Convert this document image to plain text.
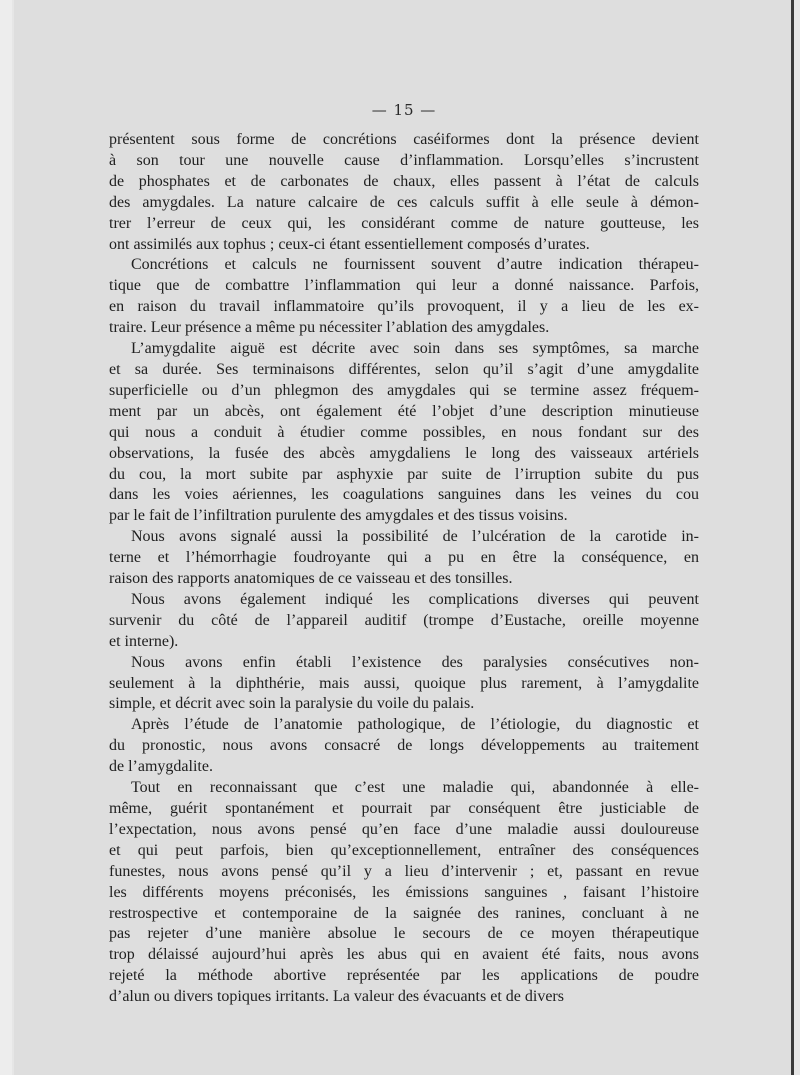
— 15 —

présentent sous forme de concrétions caséiformes dont la présence devient
à son tour une nouvelle cause d’inflammation. Lorsqu’elles s’incrustent
de phosphates et de carbonates de chaux, elles passent à l’état de calculs
des amygdales. La nature calcaire de ces calculs suffit à elle seule à démon-
trer l’erreur de ceux qui, les considérant comme de nature goutteuse, les
ont assimilés aux tophus ; ceux-ci étant essentiellement composés d’urates.

Concrétions et calculs ne fournissent souvent d’autre indication thérapeu-
tique que de combattre l’inflammation qui leur a donné naissance. Parfois,
en raison du travail inflammatoire qu’ils provoquent, il y a lieu de les ex-
traire. Leur présence a même pu nécessiter l’ablation des amygdales.

L’amygdalite aiguë est décrite avec soin dans ses symptômes, sa marche
et sa durée. Ses terminaisons différentes, selon qu’il s’agit d’une amygdalite
superficielle ou d’un phlegmon des amygdales qui se termine assez fréquem-
ment par un abcès, ont également été l’objet d’une description minutieuse
qui nous a conduit à étudier comme possibles, en nous fondant sur des
observations, la fusée des abcès amygdaliens le long des vaisseaux artériels
du cou, la mort subite par asphyxie par suite de l’irruption subite du pus
dans les voies aériennes, les coagulations sanguines dans les veines du cou
par le fait de l’infiltration purulente des amygdales et des tissus voisins.

Nous avons signalé aussi la possibilité de l’ulcération de la carotide in-
terne et l’hémorrhagie foudroyante qui a pu en être la conséquence, en
raison des rapports anatomiques de ce vaisseau et des tonsilles.

Nous avons également indiqué les complications diverses qui peuvent
survenir du côté de l’appareil auditif (trompe d’Eustache, oreille moyenne
et interne).

Nous avons enfin établi l’existence des paralysies consécutives non-
seulement à la diphthérie, mais aussi, quoique plus rarement, à l’amygdalite
simple, et décrit avec soin la paralysie du voile du palais.

Après l’étude de l’anatomie pathologique, de l’étiologie, du diagnostic et
du pronostic, nous avons consacré de longs développements au traitement
de l’amygdalite.

Tout en reconnaissant que c’est une maladie qui, abandonnée à elle-
même, guérit spontanément et pourrait par conséquent être justiciable de
l’expectation, nous avons pensé qu’en face d’une maladie aussi douloureuse
et qui peut parfois, bien qu’exceptionnellement, entraîner des conséquences
funestes, nous avons pensé qu’il y a lieu d’intervenir ; et, passant en revue
les différents moyens préconisés, les émissions sanguines , faisant l’histoire
restrospective et contemporaine de la saignée des ranines, concluant à ne
pas rejeter d’une manière absolue le secours de ce moyen thérapeutique
trop délaissé aujourd’hui après les abus qui en avaient été faits, nous avons
rejeté la méthode abortive représentée par les applications de poudre
d’alun ou divers topiques irritants. La valeur des évacuants et de divers
